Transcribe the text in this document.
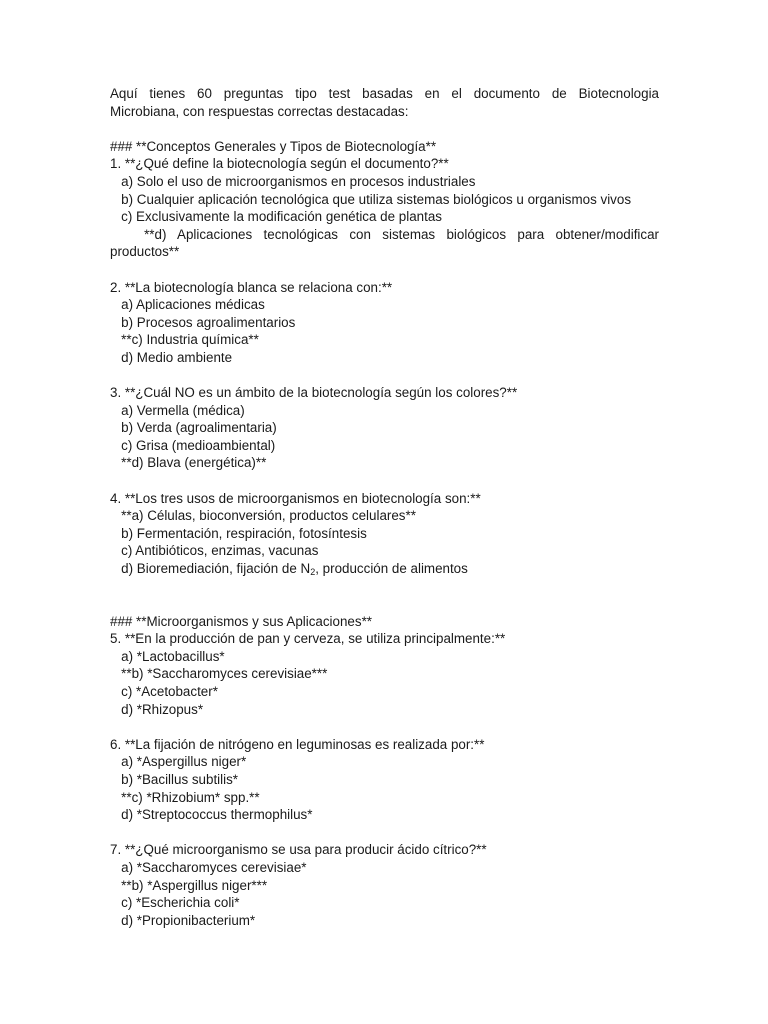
Aquí tienes 60 preguntas tipo test basadas en el documento de Biotecnologia
Microbiana, con respuestas correctas destacadas:
### **Conceptos Generales y Tipos de Biotecnología**
1. **¿Qué define la biotecnología según el documento?**
a) Solo el uso de microorganismos en procesos industriales
b) Cualquier aplicación tecnológica que utiliza sistemas biológicos u organismos vivos
c) Exclusivamente la modificación genética de plantas
**d) Aplicaciones tecnológicas con sistemas biológicos para obtener/modificar
productos**
2. **La biotecnología blanca se relaciona con:**
a) Aplicaciones médicas
b) Procesos agroalimentarios
**c) Industria química**
d) Medio ambiente
3. **¿Cuál NO es un ámbito de la biotecnología según los colores?**
a) Vermella (médica)
b) Verda (agroalimentaria)
c) Grisa (medioambiental)
**d) Blava (energética)**
4. **Los tres usos de microorganismos en biotecnología son:**
**a) Células, bioconversión, productos celulares**
b) Fermentación, respiración, fotosíntesis
c) Antibióticos, enzimas, vacunas
d) Bioremediación, fijación de $N_2$, producción de alimentos
### **Microorganismos y sus Aplicaciones**
5. **En la producción de pan y cerveza, se utiliza principalmente:**
a) *Lactobacillus*
**b) *Saccharomyces cerevisiae***
c) *Acetobacter*
d) *Rhizopus*
6. **La fijación de nitrógeno en leguminosas es realizada por:**
a) *Aspergillus niger*
b) *Bacillus subtilis*
**c) *Rhizobium* spp.**
d) *Streptococcus thermophilus*
7. **¿Qué microorganismo se usa para producir ácido cítrico?**
a) *Saccharomyces cerevisiae*
**b) *Aspergillus niger***
c) *Escherichia coli*
d) *Propionibacterium*
